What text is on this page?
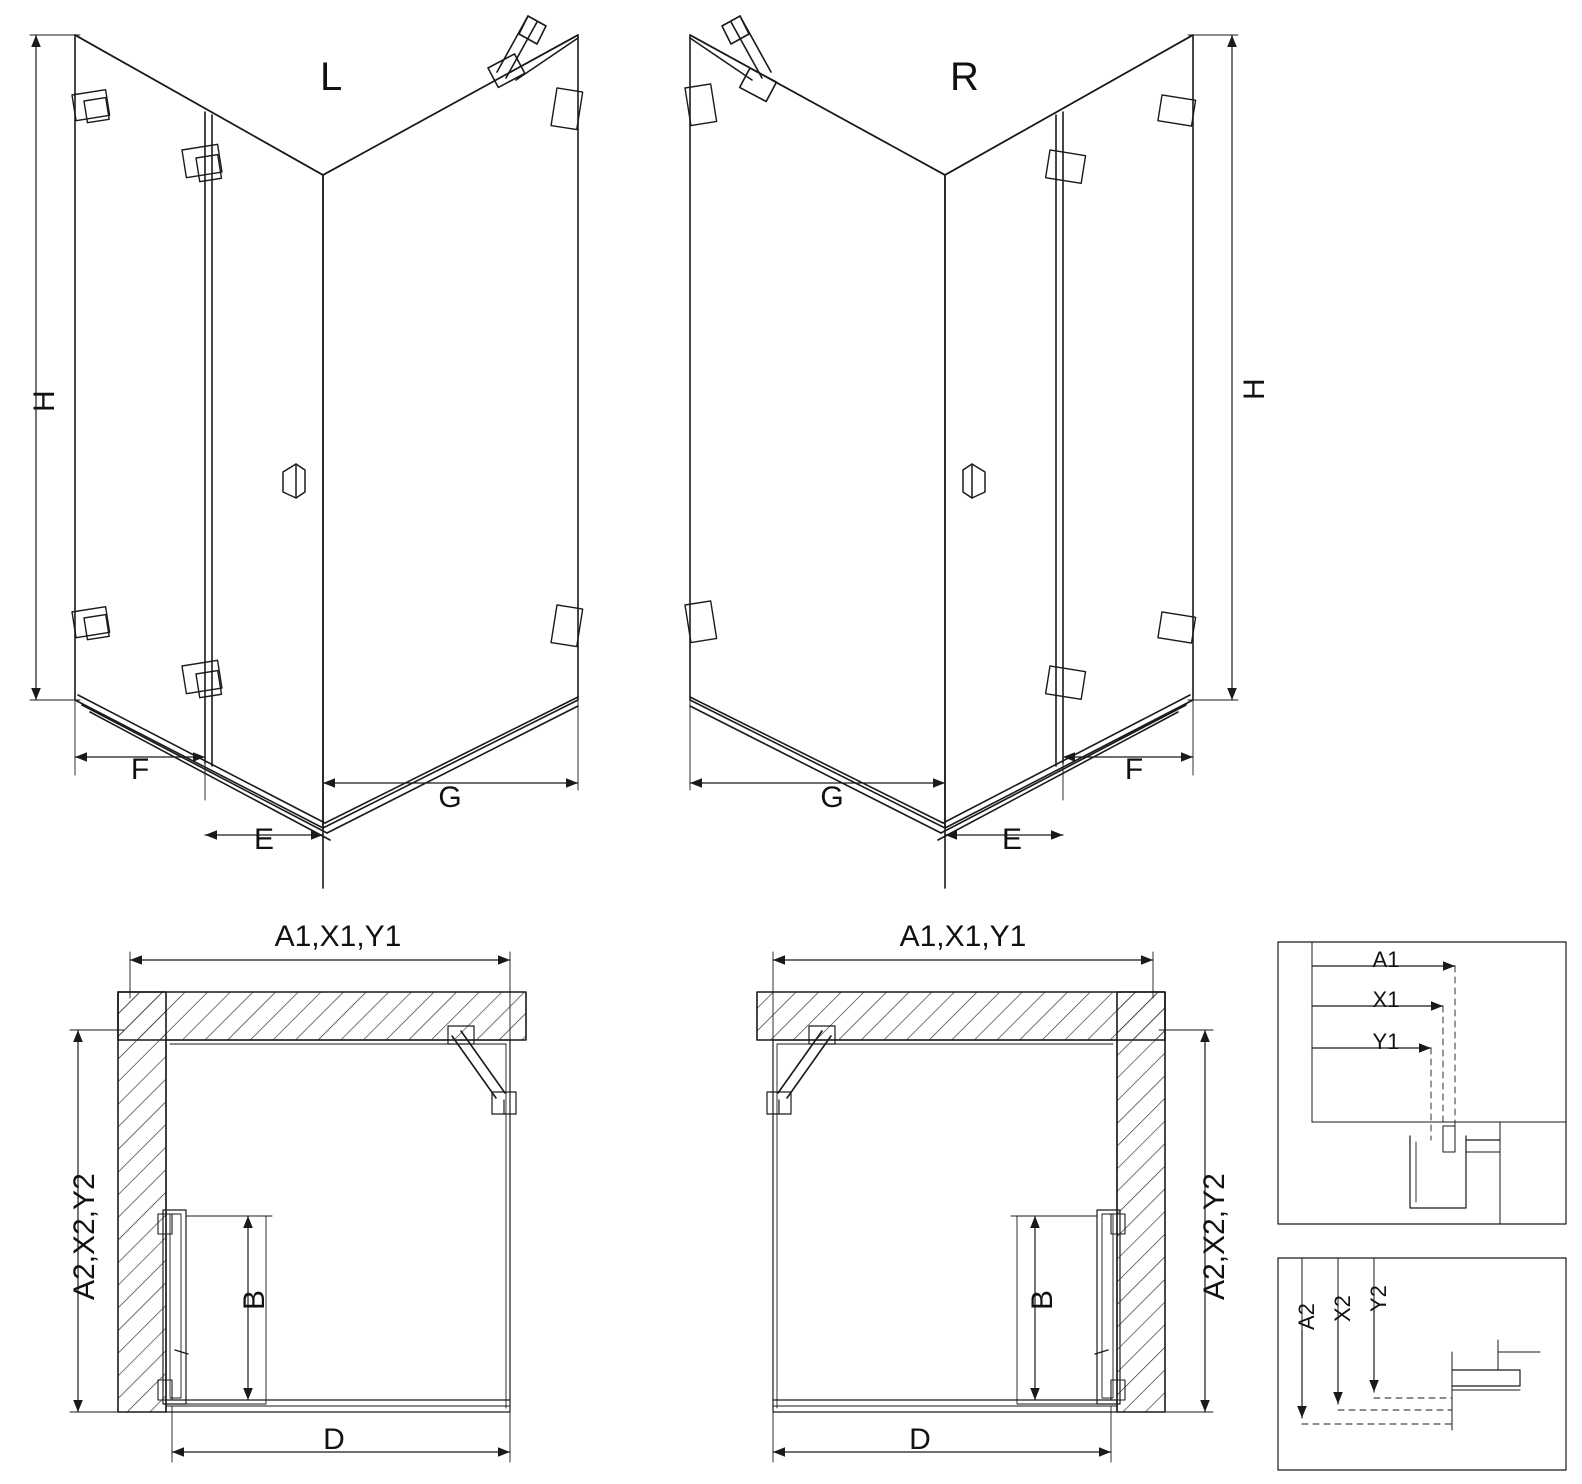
L	R
H
H
F
E
G
F
E
G
A1,X1,Y1	A1,X1,Y1
A2,X2,Y2	A2,X2,Y2
B	B
D	D
A1
X1
Y1
A2 X2 Y2
